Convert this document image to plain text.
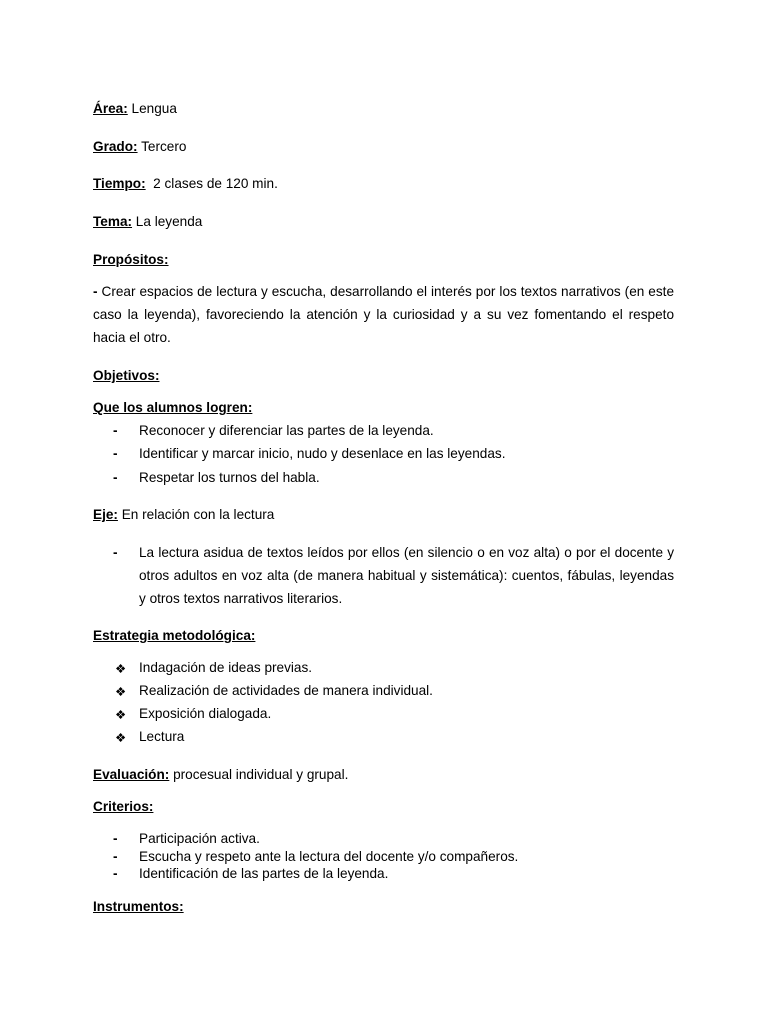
Área: Lengua

Grado: Tercero

Tiempo:  2 clases de 120 min.

Tema: La leyenda

Propósitos:

- Crear espacios de lectura y escucha, desarrollando el interés por los textos narrativos (en este caso la leyenda), favoreciendo la atención y la curiosidad y a su vez fomentando el respeto hacia el otro.

Objetivos:

Que los alumnos logren:

- Reconocer y diferenciar las partes de la leyenda.
- Identificar y marcar inicio, nudo y desenlace en las leyendas.
- Respetar los turnos del habla.

Eje: En relación con la lectura

- La lectura asidua de textos leídos por ellos (en silencio o en voz alta) o por el docente y otros adultos en voz alta (de manera habitual y sistemática): cuentos, fábulas, leyendas y otros textos narrativos literarios.

Estrategia metodológica:

❖ Indagación de ideas previas.
❖ Realización de actividades de manera individual.
❖ Exposición dialogada.
❖ Lectura

Evaluación: procesual individual y grupal.

Criterios:

- Participación activa.
- Escucha y respeto ante la lectura del docente y/o compañeros.
- Identificación de las partes de la leyenda.

Instrumentos:
